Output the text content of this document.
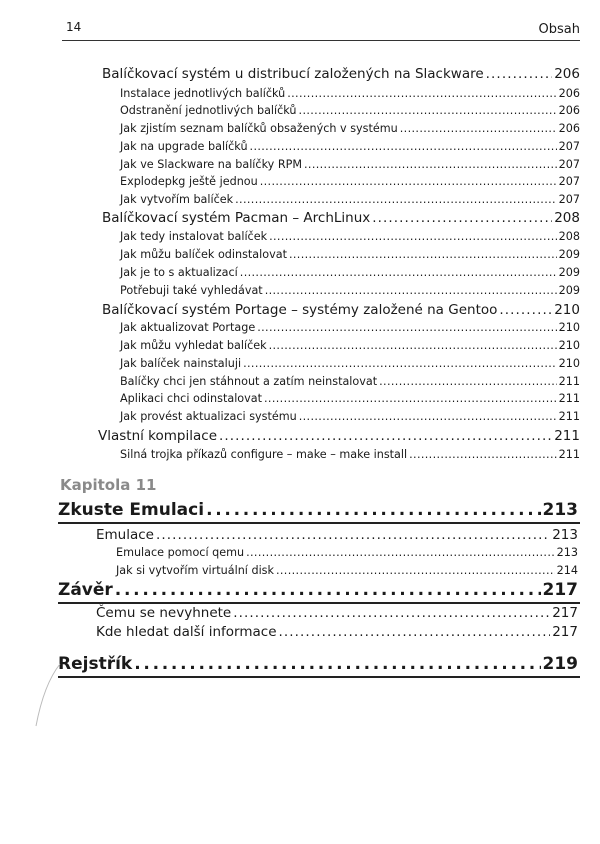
14	Obsah
Balíčkovací systém u distribucí založených na Slackware . . .	206
Instalace jednotlivých balíčků . . .	206
Odstranění jednotlivých balíčků . . .	206
Jak zjistím seznam balíčků obsažených v systému . . .	206
Jak na upgrade balíčků . . .	207
Jak ve Slackware na balíčky RPM . . .	207
Explodepkg ještě jednou . . .	207
Jak vytvořím balíček . . .	207
Balíčkovací systém Pacman – ArchLinux . . .	208
Jak tedy instalovat balíček . . .	208
Jak můžu balíček odinstalovat . . .	209
Jak je to s aktualizací . . .	209
Potřebuji také vyhledávat . . .	209
Balíčkovací systém Portage – systémy založené na Gentoo . . .	210
Jak aktualizovat Portage . . .	210
Jak můžu vyhledat balíček . . .	210
Jak balíček nainstaluji . . .	210
Balíčky chci jen stáhnout a zatím neinstalovat . . .	211
Aplikaci chci odinstalovat . . .	211
Jak provést aktualizaci systému . . .	211
Vlastní kompilace . . .	211
Silná trojka příkazů configure – make – make install . . .	211
Kapitola 11
Zkuste Emulaci . . .	213
Emulace . . .	213
Emulace pomocí qemu . . .	213
Jak si vytvořím virtuální disk . . .	214
Závěr . . .	217
Čemu se nevyhnete . . .	217
Kde hledat další informace . . .	217
Rejstřík . . .	219
